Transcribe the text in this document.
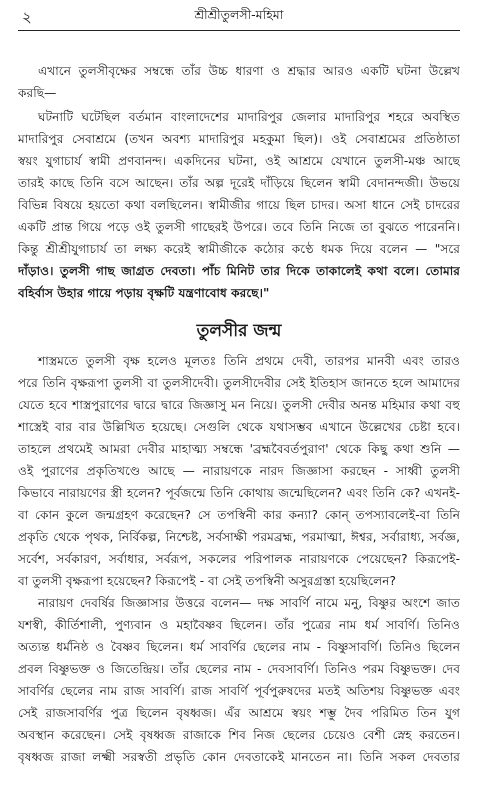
২	শ্রীশ্রীতুলসী-মহিমা
এখানে তুলসীবৃক্ষের সম্বন্ধে তাঁর উচ্চ ধারণা ও শ্রদ্ধার আরও একটি ঘটনা উল্লেখ
করছি—
ঘটনাটি ঘটেছিল বর্তমান বাংলাদেশের মাদারিপুর জেলার মাদারিপুর শহরে অবস্থিত
মাদারিপুর সেবাশ্রমে (তখন অবশ্য মাদারিপুর মহকুমা ছিল)। ওই সেবাশ্রমের প্রতিষ্ঠাতা
স্বয়ং যুগাচার্য স্বামী প্রণবানন্দ। একদিনের ঘটনা, ওই আশ্রমে যেখানে তুলসী-মঞ্চ আছে
তারই কাছে তিনি বসে আছেন। তাঁর অল্প দূরেই দাঁড়িয়ে ছিলেন স্বামী বেদানন্দজী। উভয়ে
বিভিন্ন বিষয়ে হয়তো কথা বলছিলেন। স্বামীজীর গায়ে ছিল চাদর। অসা ধানে সেই চাদরের
একটি প্রান্ত গিয়ে পড়ে ওই তুলসী গাছেরই উপরে। তবে তিনি নিজে তা বুঝতে পারেননি।
কিন্তু শ্রীশ্রীযুগাচার্য তা লক্ষ্য করেই স্বামীজীকে কঠোর কণ্ঠে ধমক দিয়ে বলেন — "সরে
দাঁড়াও। তুলসী গাছ জাগ্রত দেবতা। পাঁচ মিনিট তার দিকে তাকালেই কথা বলে। তোমার
বহির্বাস উহার গায়ে পড়ায় বৃক্ষটি যন্ত্রণাবোধ করছে।"
তুলসীর জন্ম
শাস্ত্রমতে তুলসী বৃক্ষ হলেও মূলতঃ তিনি প্রথমে দেবী, তারপর মানবী এবং তারও
পরে তিনি বৃক্ষরূপা তুলসী বা তুলসীদেবী। তুলসীদেবীর সেই ইতিহাস জানতে হলে আমাদের
যেতে হবে শাস্ত্রপুরাণের দ্বারে দ্বারে জিজ্ঞাসু মন নিয়ে। তুলসী দেবীর অনন্ত মহিমার কথা বহু
শাস্ত্রেই বার বার উল্লিখিত হয়েছে। সেগুলি থেকে যথাসম্ভব এখানে উল্লেখের চেষ্টা হবে।
তাহলে প্রথমেই আমরা দেবীর মাহাত্ম্য সম্বন্ধে 'ব্রহ্মবৈবর্তপুরাণ' থেকে কিছু কথা শুনি —
ওই পুরাণের প্রকৃতিখণ্ডে আছে — নারায়ণকে নারদ জিজ্ঞাসা করছেন - সাধ্বী তুলসী
কিভাবে নারায়ণের স্ত্রী হলেন? পূর্বজন্মে তিনি কোথায় জন্মেছিলেন? এবং তিনি কে? এখনই-
বা কোন কুলে জন্মগ্রহণ করেছেন? সে তপস্বিনী কার কন্যা? কোন্ তপস্যাবলেই-বা তিনি
প্রকৃতি থেকে পৃথক, নির্বিকল্প, নিশ্চেষ্ট, সর্বসাক্ষী পরমব্রহ্ম, পরমাত্মা, ঈশ্বর, সর্বারাধ্য, সর্বজ্ঞ,
সর্বেশ, সর্বকারণ, সর্বাধার, সর্বরূপ, সকলের পরিপালক নারায়ণকে পেয়েছেন? কিরূপেই-
বা তুলসী বৃক্ষরূপা হয়েছেন? কিরূপেই - বা সেই তপস্বিনী অসুরগ্রস্তা হয়েছিলেন?
নারায়ণ দেবর্ষির জিজ্ঞাসার উত্তরে বলেন— দক্ষ সাবর্ণি নামে মনু, বিষ্ণুর অংশে জাত
যশস্বী, কীর্তিশালী, পুণ্যবান ও মহাবৈষ্ণব ছিলেন। তাঁর পুত্রের নাম ধর্ম সাবর্ণি। তিনিও
অত্যন্ত ধর্মনিষ্ঠ ও বৈষ্ণব ছিলেন। ধর্ম সাবর্ণির ছেলের নাম - বিষ্ণুসাবর্ণি। তিনিও ছিলেন
প্রবল বিষ্ণুভক্ত ও জিতেন্দ্রিয়। তাঁর ছেলের নাম - দেবসাবর্ণি। তিনিও পরম বিষ্ণুভক্ত। দেব
সাবর্ণির ছেলের নাম রাজ সাবর্ণি। রাজ সাবর্ণি পূর্বপুরুষদের মতই অতিশয় বিষ্ণুভক্ত এবং
সেই রাজসাবর্ণির পুত্র ছিলেন বৃষধ্বজ। এঁর আশ্রমে স্বয়ং শম্ভু দৈব পরিমিত তিন যুগ
অবস্থান করেছেন। সেই বৃষধ্বজ রাজাকে শিব নিজ ছেলের চেয়েও বেশী স্নেহ করতেন।
বৃষধ্বজ রাজা লক্ষ্মী সরস্বতী প্রভৃতি কোন দেবতাকেই মানতেন না। তিনি সকল দেবতার
